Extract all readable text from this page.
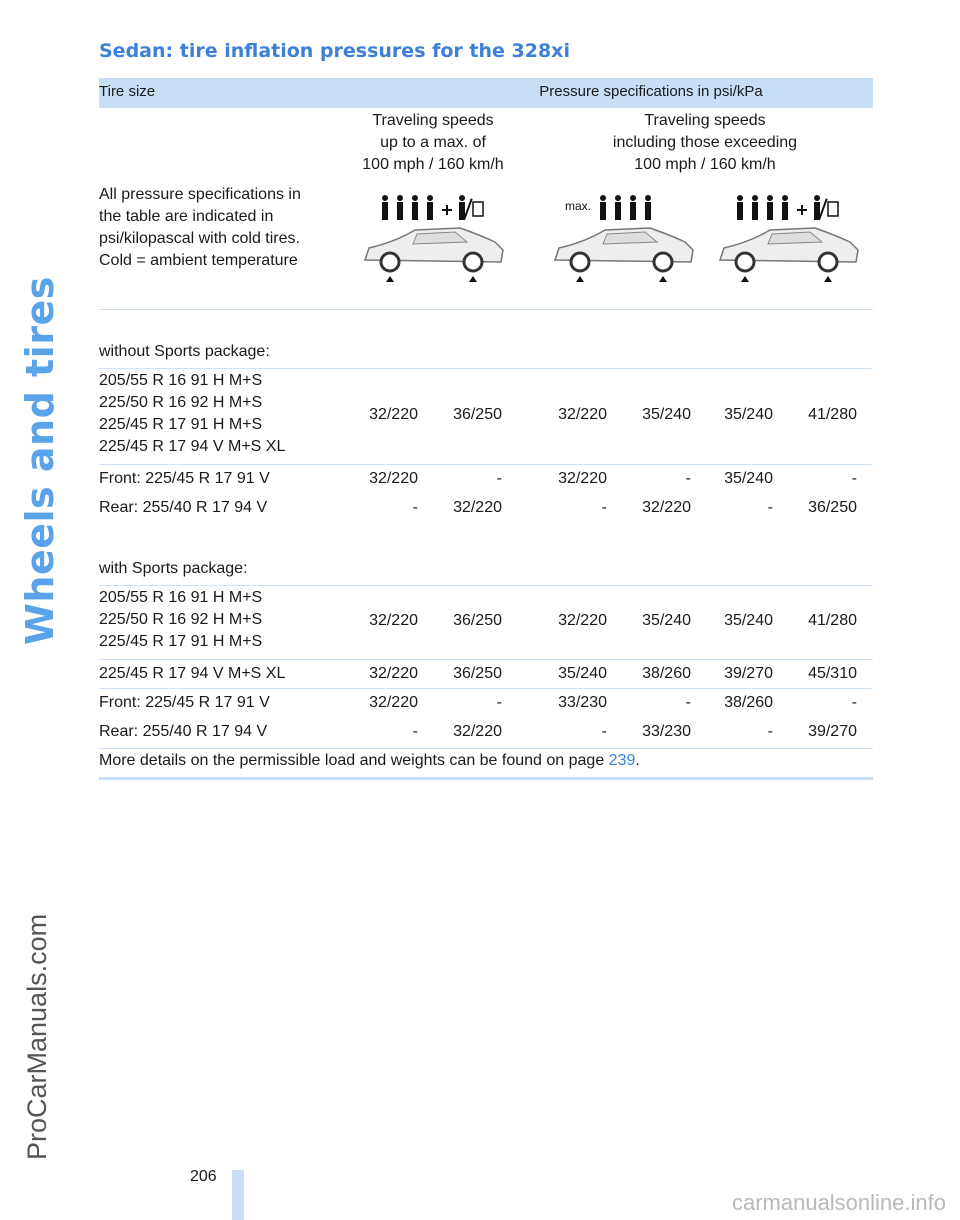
Wheels and tires
ProCarManuals.com
Sedan: tire inflation pressures for the 328xi
Tire size	Pressure specifications in psi/kPa
Traveling speeds
up to a max. of
100 mph / 160 km/h
Traveling speeds
including those exceeding
100 mph / 160 km/h
All pressure specifications in
the table are indicated in
psi/kilopascal with cold tires.
Cold = ambient temperature
max.
without Sports package:
205/55 R 16 91 H M+S
225/50 R 16 92 H M+S
225/45 R 17 91 H M+S
225/45 R 17 94 V M+S XL
32/220	36/250	32/220	35/240	35/240	41/280
Front: 225/45 R 17 91 V	32/220	-	32/220	-	35/240	-
Rear: 255/40 R 17 94 V	-	32/220	-	32/220	-	36/250
with Sports package:
205/55 R 16 91 H M+S
225/50 R 16 92 H M+S
225/45 R 17 91 H M+S
32/220	36/250	32/220	35/240	35/240	41/280
225/45 R 17 94 V M+S XL	32/220	36/250	35/240	38/260	39/270	45/310
Front: 225/45 R 17 91 V	32/220	-	33/230	-	38/260	-
Rear: 255/40 R 17 94 V	-	32/220	-	33/230	-	39/270
More details on the permissible load and weights can be found on page 239.
206
carmanualsonline.info
